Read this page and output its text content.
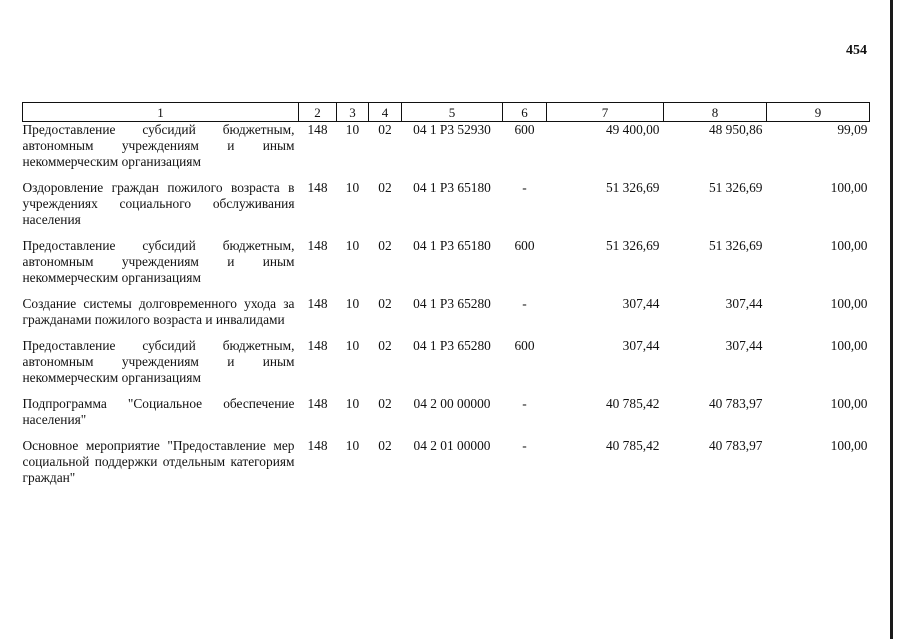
454
1	2	3	4	5	6	7	8	9
Предоставление субсидий бюджетным, автономным учреждениям и иным некоммерческим организациям	148	10	02	04 1 P3 52930	600	49 400,00	48 950,86	99,09
Оздоровление граждан пожилого возраста в учреждениях социального обслуживания населения	148	10	02	04 1 P3 65180	-	51 326,69	51 326,69	100,00
Предоставление субсидий бюджетным, автономным учреждениям и иным некоммерческим организациям	148	10	02	04 1 P3 65180	600	51 326,69	51 326,69	100,00
Создание системы долговременного ухода за гражданами пожилого возраста и инвалидами	148	10	02	04 1 P3 65280	-	307,44	307,44	100,00
Предоставление субсидий бюджетным, автономным учреждениям и иным некоммерческим организациям	148	10	02	04 1 P3 65280	600	307,44	307,44	100,00
Подпрограмма "Социальное обеспечение населения"	148	10	02	04 2 00 00000	-	40 785,42	40 783,97	100,00
Основное мероприятие "Предоставление мер социальной поддержки отдельным категориям граждан"	148	10	02	04 2 01 00000	-	40 785,42	40 783,97	100,00
